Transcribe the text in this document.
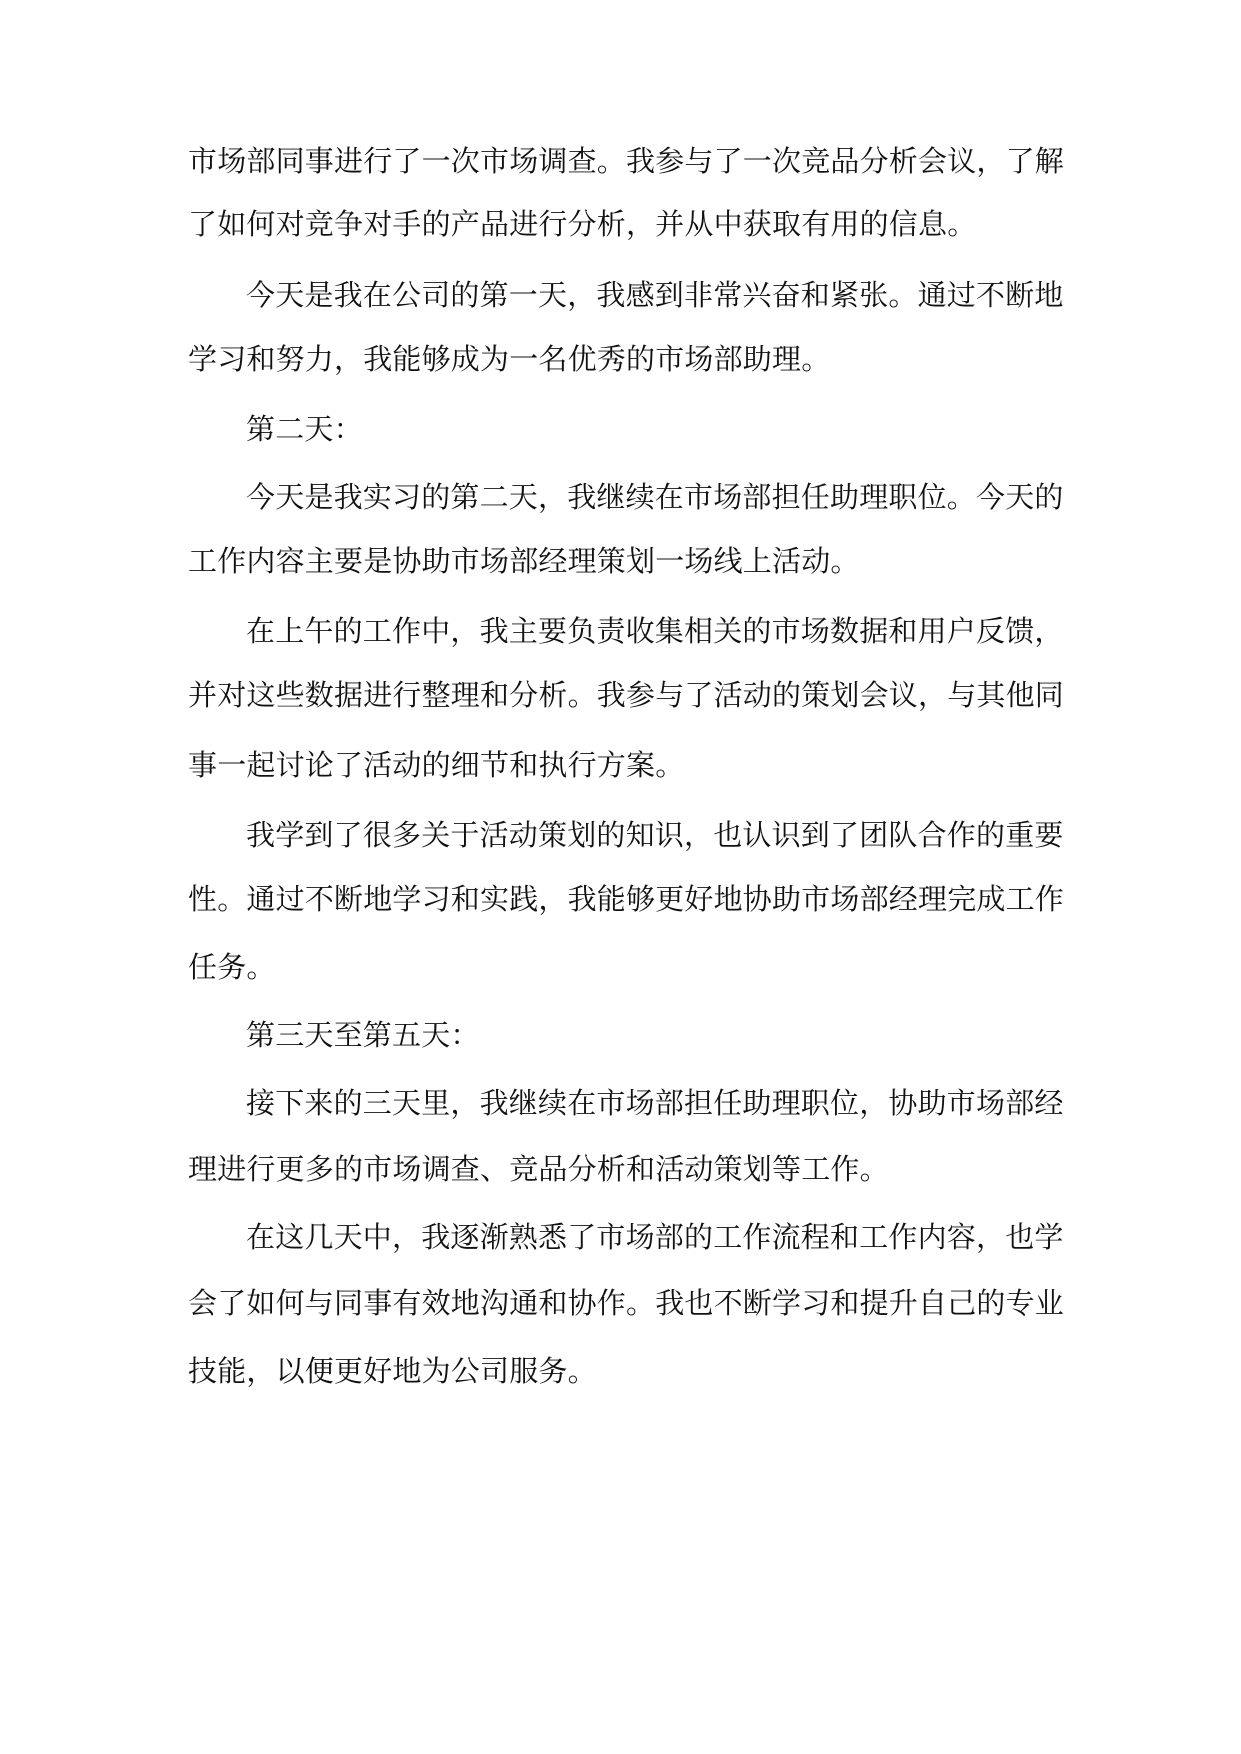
市场部同事进行了一次市场调查。我参与了一次竞品分析会议，了解
了如何对竞争对手的产品进行分析，并从中获取有用的信息。
今天是我在公司的第一天，我感到非常兴奋和紧张。通过不断地
学习和努力，我能够成为一名优秀的市场部助理。
第二天：
今天是我实习的第二天，我继续在市场部担任助理职位。今天的
工作内容主要是协助市场部经理策划一场线上活动。
在上午的工作中，我主要负责收集相关的市场数据和用户反馈，
并对这些数据进行整理和分析。我参与了活动的策划会议，与其他同
事一起讨论了活动的细节和执行方案。
我学到了很多关于活动策划的知识，也认识到了团队合作的重要
性。通过不断地学习和实践，我能够更好地协助市场部经理完成工作
任务。
第三天至第五天：
接下来的三天里，我继续在市场部担任助理职位，协助市场部经
理进行更多的市场调查、竞品分析和活动策划等工作。
在这几天中，我逐渐熟悉了市场部的工作流程和工作内容，也学
会了如何与同事有效地沟通和协作。我也不断学习和提升自己的专业
技能，以便更好地为公司服务。
